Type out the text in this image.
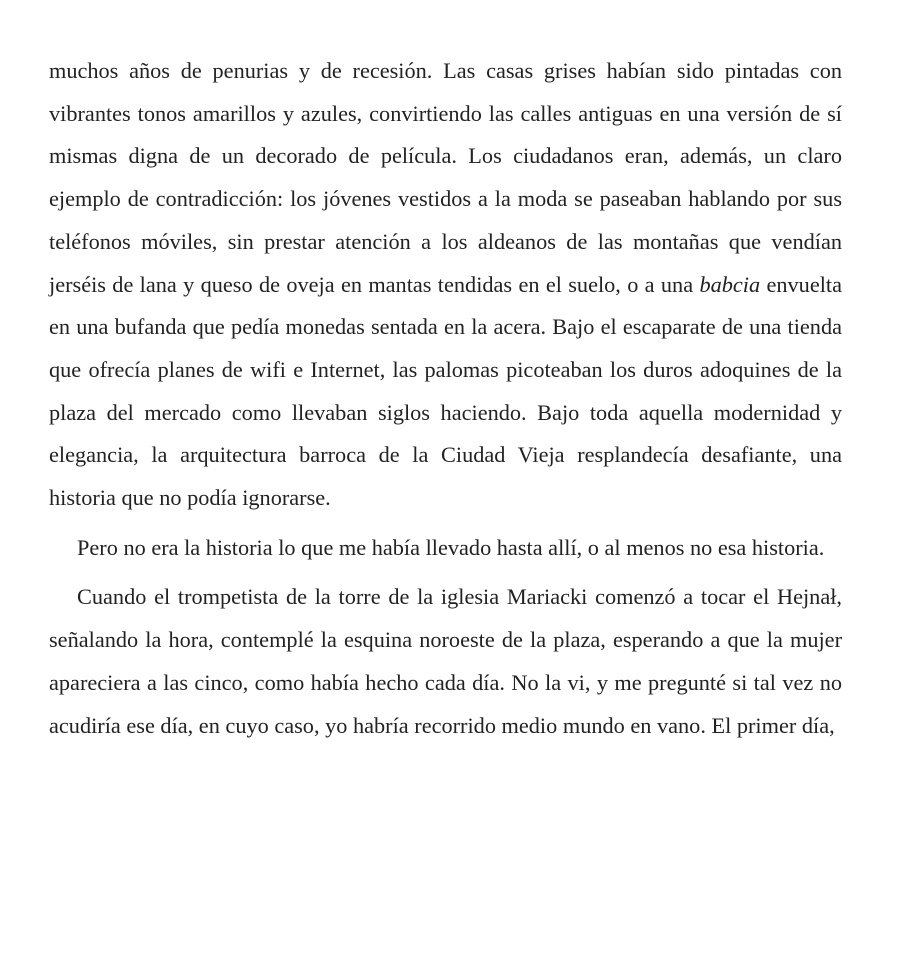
muchos años de penurias y de recesión. Las casas grises habían sido pintadas con vibrantes tonos amarillos y azules, convirtiendo las calles antiguas en una versión de sí mismas digna de un decorado de película. Los ciudadanos eran, además, un claro ejemplo de contradicción: los jóvenes vestidos a la moda se paseaban hablando por sus teléfonos móviles, sin prestar atención a los aldeanos de las montañas que vendían jerséis de lana y queso de oveja en mantas tendidas en el suelo, o a una babcia envuelta en una bufanda que pedía monedas sentada en la acera. Bajo el escaparate de una tienda que ofrecía planes de wifi e Internet, las palomas picoteaban los duros adoquines de la plaza del mercado como llevaban siglos haciendo. Bajo toda aquella modernidad y elegancia, la arquitectura barroca de la Ciudad Vieja resplandecía desafiante, una historia que no podía ignorarse.

Pero no era la historia lo que me había llevado hasta allí, o al menos no esa historia.

Cuando el trompetista de la torre de la iglesia Mariacki comenzó a tocar el Hejnał, señalando la hora, contemplé la esquina noroeste de la plaza, esperando a que la mujer apareciera a las cinco, como había hecho cada día. No la vi, y me pregunté si tal vez no acudiría ese día, en cuyo caso, yo habría recorrido medio mundo en vano. El primer día,
